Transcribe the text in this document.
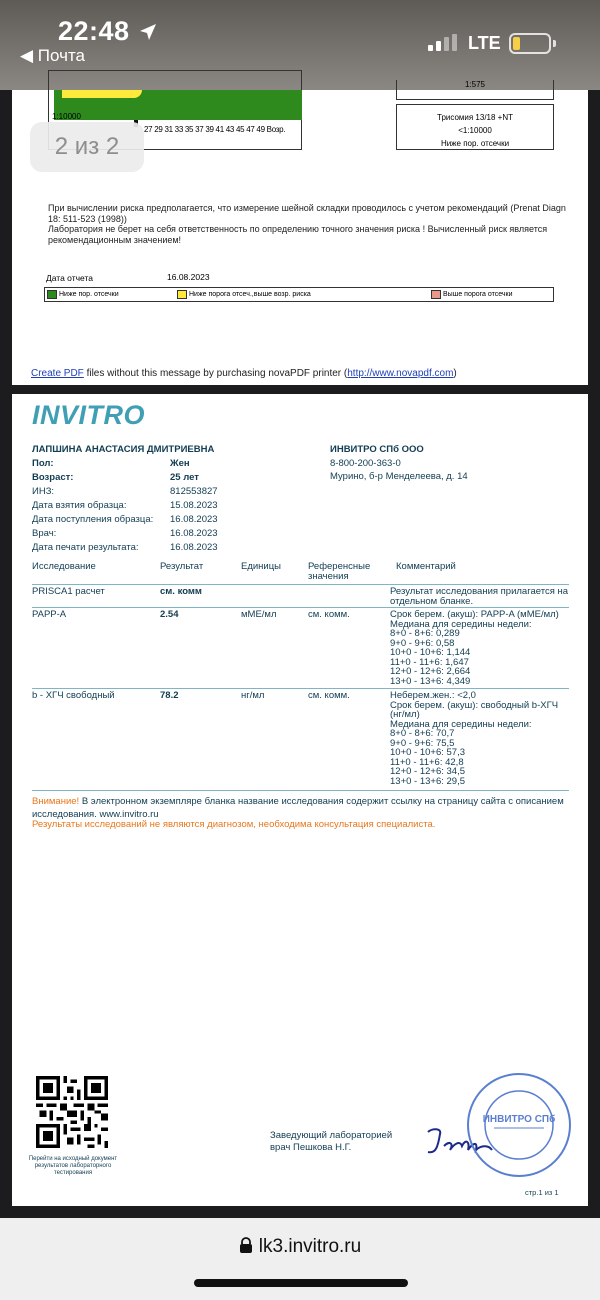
22:48
◀ Почта
LTE
1:10000
27 29 31 33 35 37 39 41 43 45 47 49 Возр.
1:575
Трисомия 13/18 +NT
<1:10000
Ниже пор. отсечки
При вычислении риска предполагается, что измерение шейной складки проводилось с учетом рекомендаций (Prenat Diagn 18: 511-523 (1998))
Лаборатория не берет на себя ответственность по определению точного значения риска ! Вычисленный риск является рекомендационным значением!
Дата отчета	16.08.2023
Ниже пор. отсечки	Ниже порога отсеч.,выше возр. риска	Выше порога отсечки
Create PDF files without this message by purchasing novaPDF printer (http://www.novapdf.com)
2 из 2
INVITRO
ЛАПШИНА АНАСТАСИЯ ДМИТРИЕВНА	ИНВИТРО СПб ООО
8-800-200-363-0
Мурино, б-р Менделеева, д. 14
Пол:	Жен
Возраст:	25 лет
ИНЗ:	812553827
Дата взятия образца:	15.08.2023
Дата поступления образца: 16.08.2023
Врач:	16.08.2023
Дата печати результата:	16.08.2023
Исследование	Результат	Единицы	Референсные значения
Комментарий
PRISCA1 расчет	см. комм	Результат исследования прилагается на отдельном бланке.
PAPP-A	2.54	мМЕ/мл	см. комм.	Срок берем. (акуш): PAPP-A (мМЕ/мл)
Медиана для середины недели:
8+0 - 8+6: 0,289
9+0 - 9+6: 0,58
10+0 - 10+6: 1,144
11+0 - 11+6: 1,647
12+0 - 12+6: 2,664
13+0 - 13+6: 4,349
b - ХГЧ свободный	78.2	нг/мл	см. комм.	Неберем.жен.: <2,0
Срок берем. (акуш): свободный b-ХГЧ (нг/мл)
Медиана для середины недели:
8+0 - 8+6: 70,7
9+0 - 9+6: 75,5
10+0 - 10+6: 57,3
11+0 - 11+6: 42,8
12+0 - 12+6: 34,5
13+0 - 13+6: 29,5
Внимание! В электронном экземпляре бланка название исследования содержит ссылку на страницу сайта с описанием исследования. www.invitro.ru
Результаты исследований не являются диагнозом, необходима консультация специалиста.
Перейти на исходный документ результатов лабораторного тестирования
Заведующий лабораторией
врач Пешкова Н.Г.
ИНВИТРО СПб
стр.1 из 1
lk3.invitro.ru
